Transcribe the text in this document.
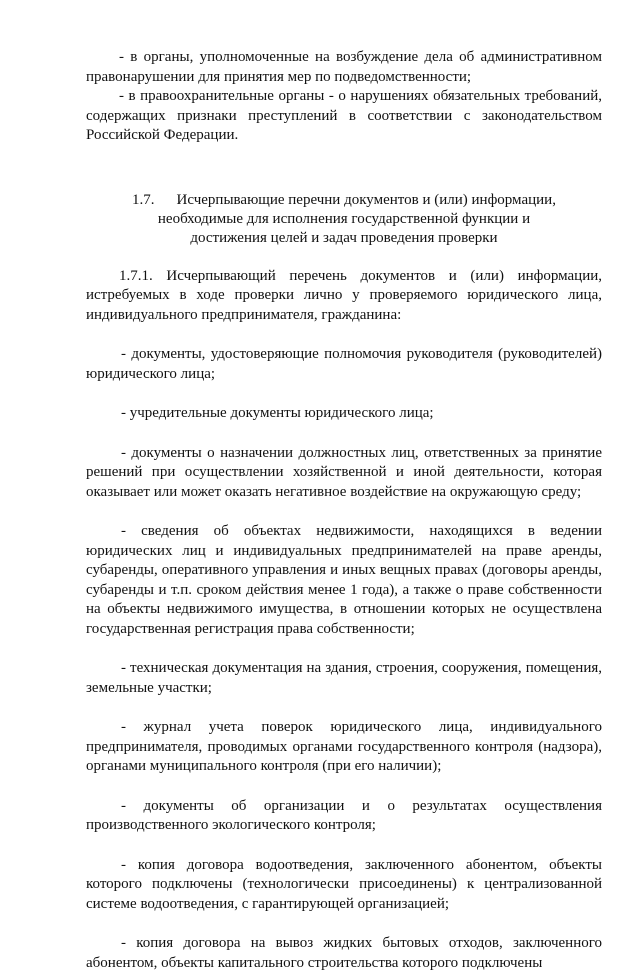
- в органы, уполномоченные на возбуждение дела об административном правонарушении для принятия мер по подведомственности;

- в правоохранительные органы - о нарушениях обязательных требований, содержащих признаки преступлений в соответствии с законодательством Российской Федерации.

1.7. Исчерпывающие перечни документов и (или) информации,
необходимые для исполнения государственной функции и
достижения целей и задач проведения проверки

1.7.1. Исчерпывающий перечень документов и (или) информации, истребуемых в ходе проверки лично у проверяемого юридического лица, индивидуального предпринимателя, гражданина:

- документы, удостоверяющие полномочия руководителя (руководителей) юридического лица;

- учредительные документы юридического лица;

- документы о назначении должностных лиц, ответственных за принятие решений при осуществлении хозяйственной и иной деятельности, которая оказывает или может оказать негативное воздействие на окружающую среду;

- сведения об объектах недвижимости, находящихся в ведении юридических лиц и индивидуальных предпринимателей на праве аренды, субаренды, оперативного управления и иных вещных правах (договоры аренды, субаренды и т.п. сроком действия менее 1 года), а также о праве собственности на объекты недвижимого имущества, в отношении которых не осуществлена государственная регистрация права собственности;

- техническая документация на здания, строения, сооружения, помещения, земельные участки;

- журнал учета поверок юридического лица, индивидуального предпринимателя, проводимых органами государственного контроля (надзора), органами муниципального контроля (при его наличии);

- документы об организации и о результатах осуществления производственного экологического контроля;

- копия договора водоотведения, заключенного абонентом, объекты которого подключены (технологически присоединены) к централизованной системе водоотведения, с гарантирующей организацией;

- копия договора на вывоз жидких бытовых отходов, заключенного абонентом, объекты капитального строительства которого подключены
